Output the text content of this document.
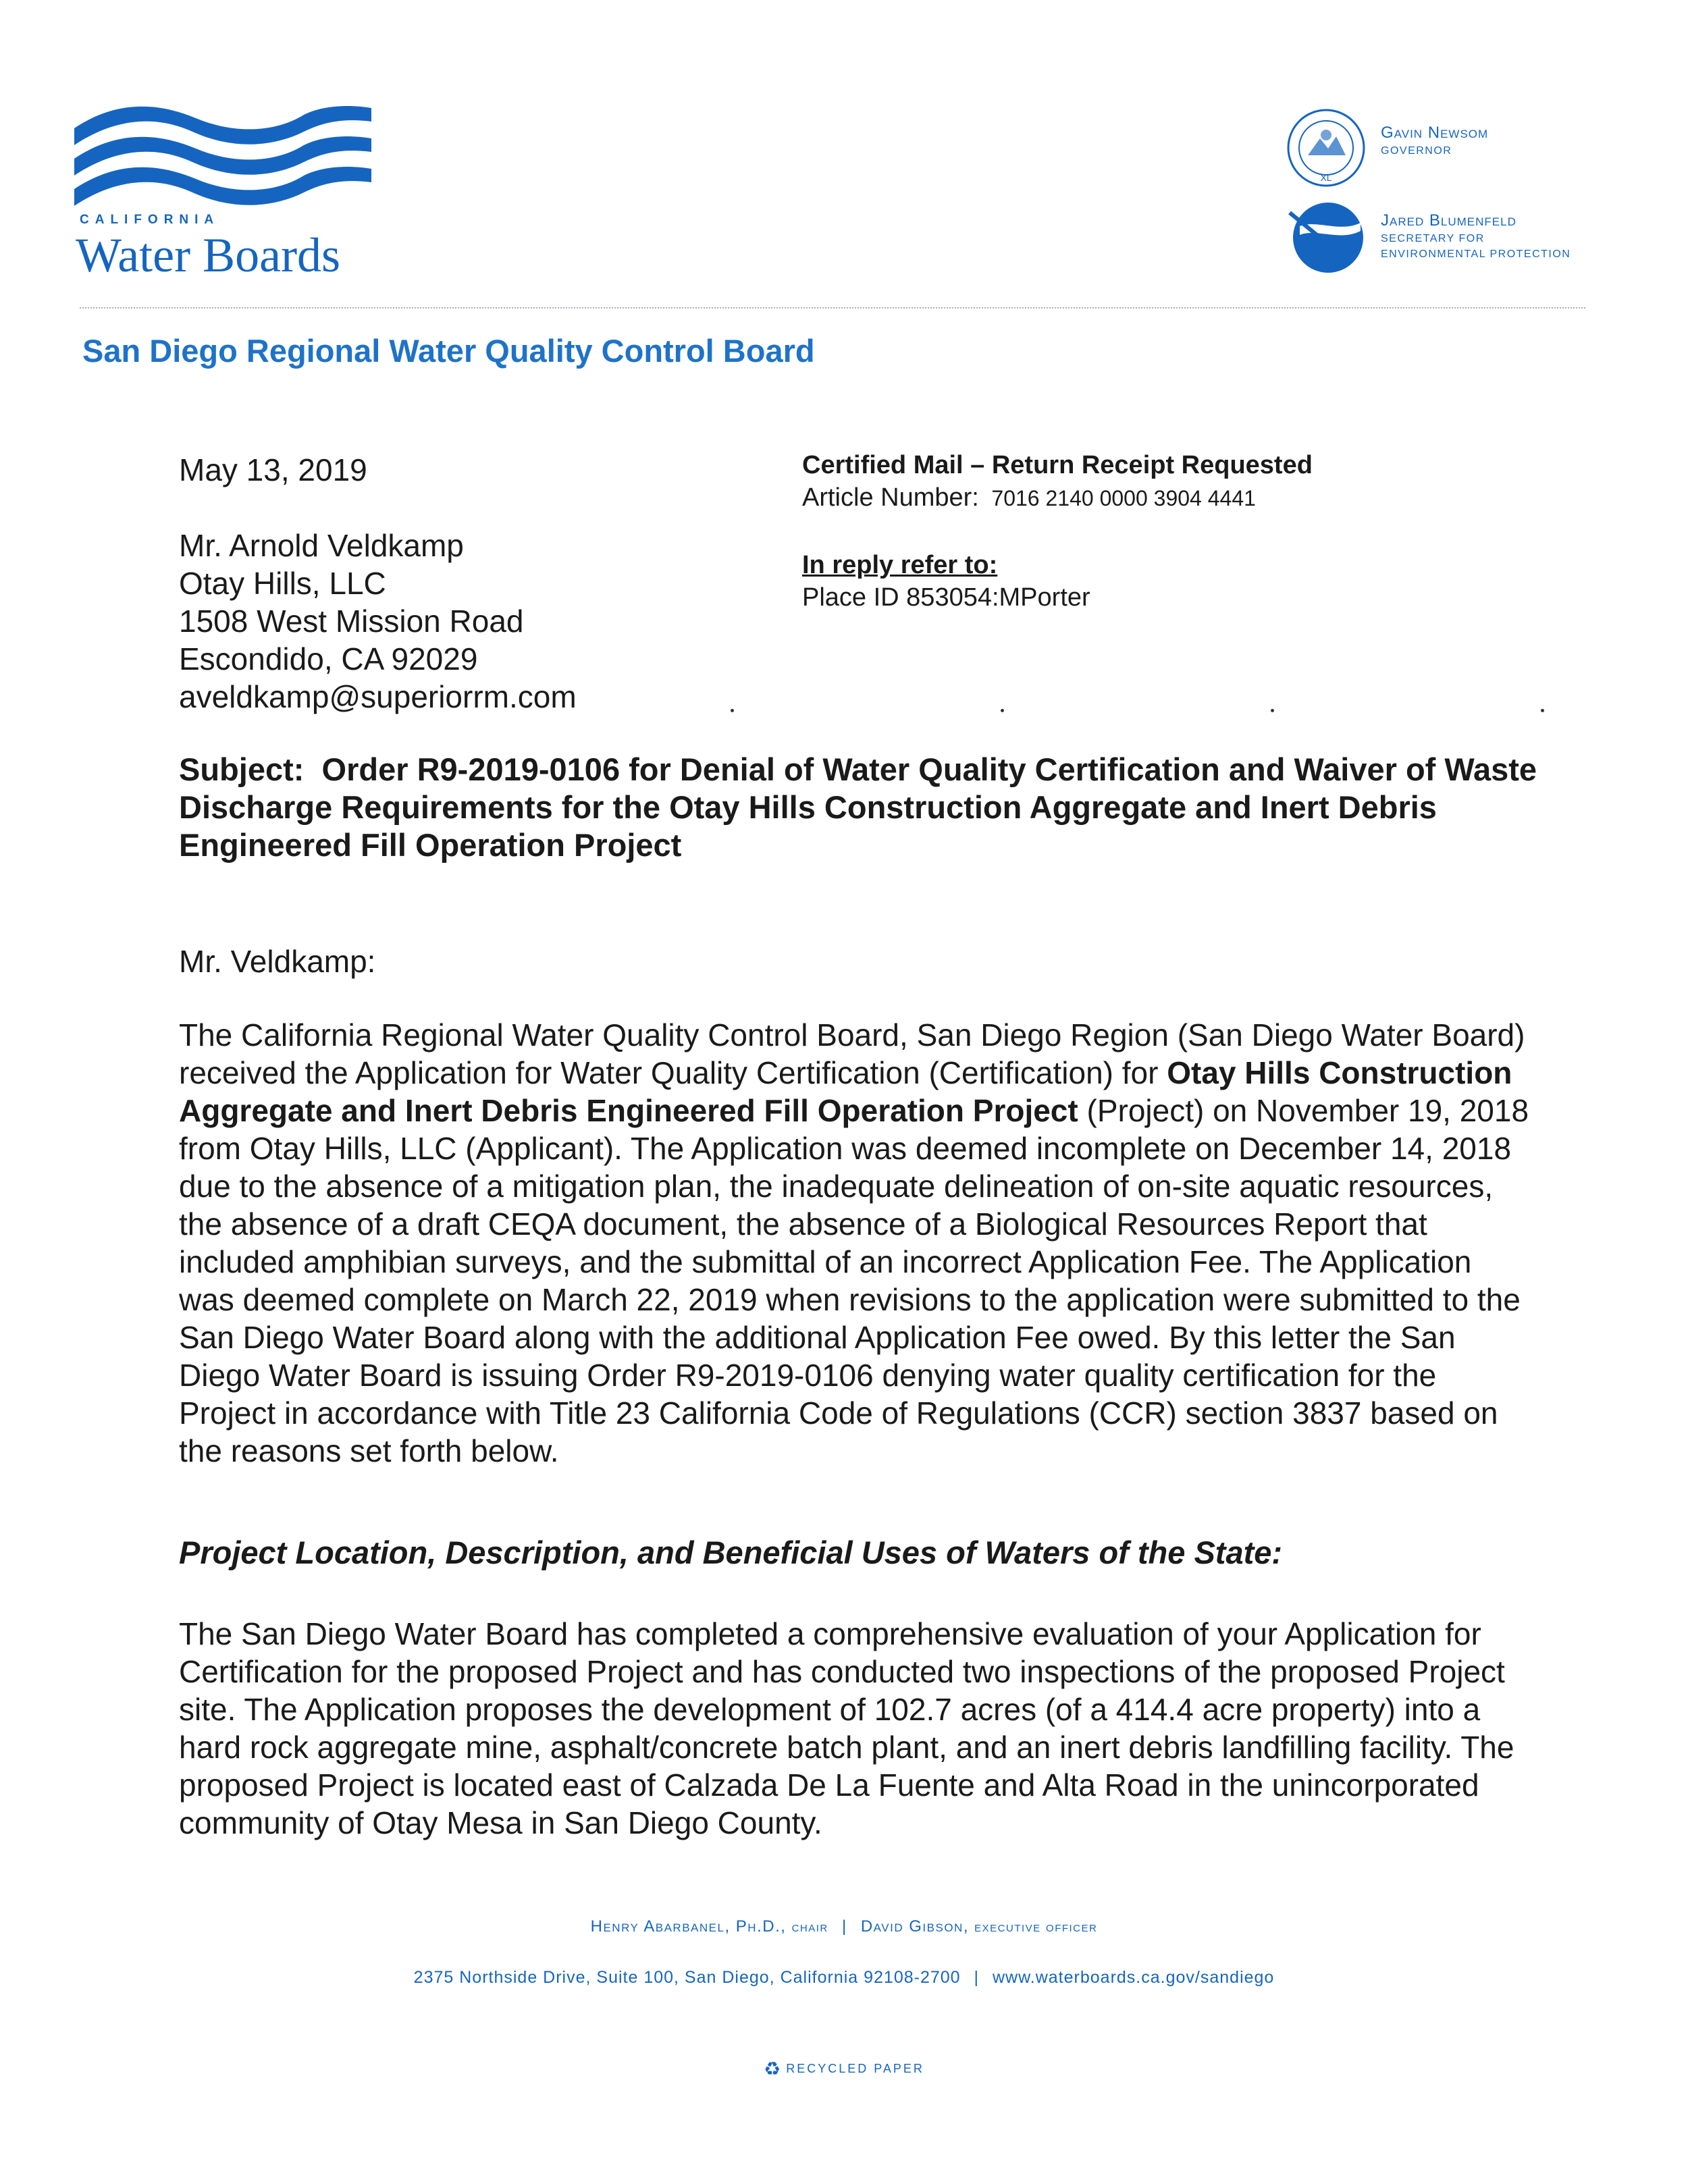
CALIFORNIA
Water Boards
XL
Gavin Newsom
GOVERNOR
Jared Blumenfeld
SECRETARY FOR
ENVIRONMENTAL PROTECTION
San Diego Regional Water Quality Control Board
May 13, 2019
Mr. Arnold Veldkamp
Otay Hills, LLC
1508 West Mission Road
Escondido, CA 92029
aveldkamp@superiorrm.com
Certified Mail – Return Receipt Requested
Article Number: 7016 2140 0000 3904 4441
In reply refer to:
Place ID 853054:MPorter
Subject: Order R9-2019-0106 for Denial of Water Quality Certification and Waiver of Waste Discharge Requirements for the Otay Hills Construction Aggregate and Inert Debris Engineered Fill Operation Project
Mr. Veldkamp:
The California Regional Water Quality Control Board, San Diego Region (San Diego Water Board) received the Application for Water Quality Certification (Certification) for Otay Hills Construction Aggregate and Inert Debris Engineered Fill Operation Project (Project) on November 19, 2018 from Otay Hills, LLC (Applicant). The Application was deemed incomplete on December 14, 2018 due to the absence of a mitigation plan, the inadequate delineation of on-site aquatic resources, the absence of a draft CEQA document, the absence of a Biological Resources Report that included amphibian surveys, and the submittal of an incorrect Application Fee. The Application was deemed complete on March 22, 2019 when revisions to the application were submitted to the San Diego Water Board along with the additional Application Fee owed. By this letter the San Diego Water Board is issuing Order R9-2019-0106 denying water quality certification for the Project in accordance with Title 23 California Code of Regulations (CCR) section 3837 based on the reasons set forth below.
Project Location, Description, and Beneficial Uses of Waters of the State:
The San Diego Water Board has completed a comprehensive evaluation of your Application for Certification for the proposed Project and has conducted two inspections of the proposed Project site. The Application proposes the development of 102.7 acres (of a 414.4 acre property) into a hard rock aggregate mine, asphalt/concrete batch plant, and an inert debris landfilling facility. The proposed Project is located east of Calzada De La Fuente and Alta Road in the unincorporated community of Otay Mesa in San Diego County.
Henry Abarbanel, Ph.D., chair | David Gibson, executive officer
2375 Northside Drive, Suite 100, San Diego, California 92108-2700 | www.waterboards.ca.gov/sandiego
♻ RECYCLED PAPER
